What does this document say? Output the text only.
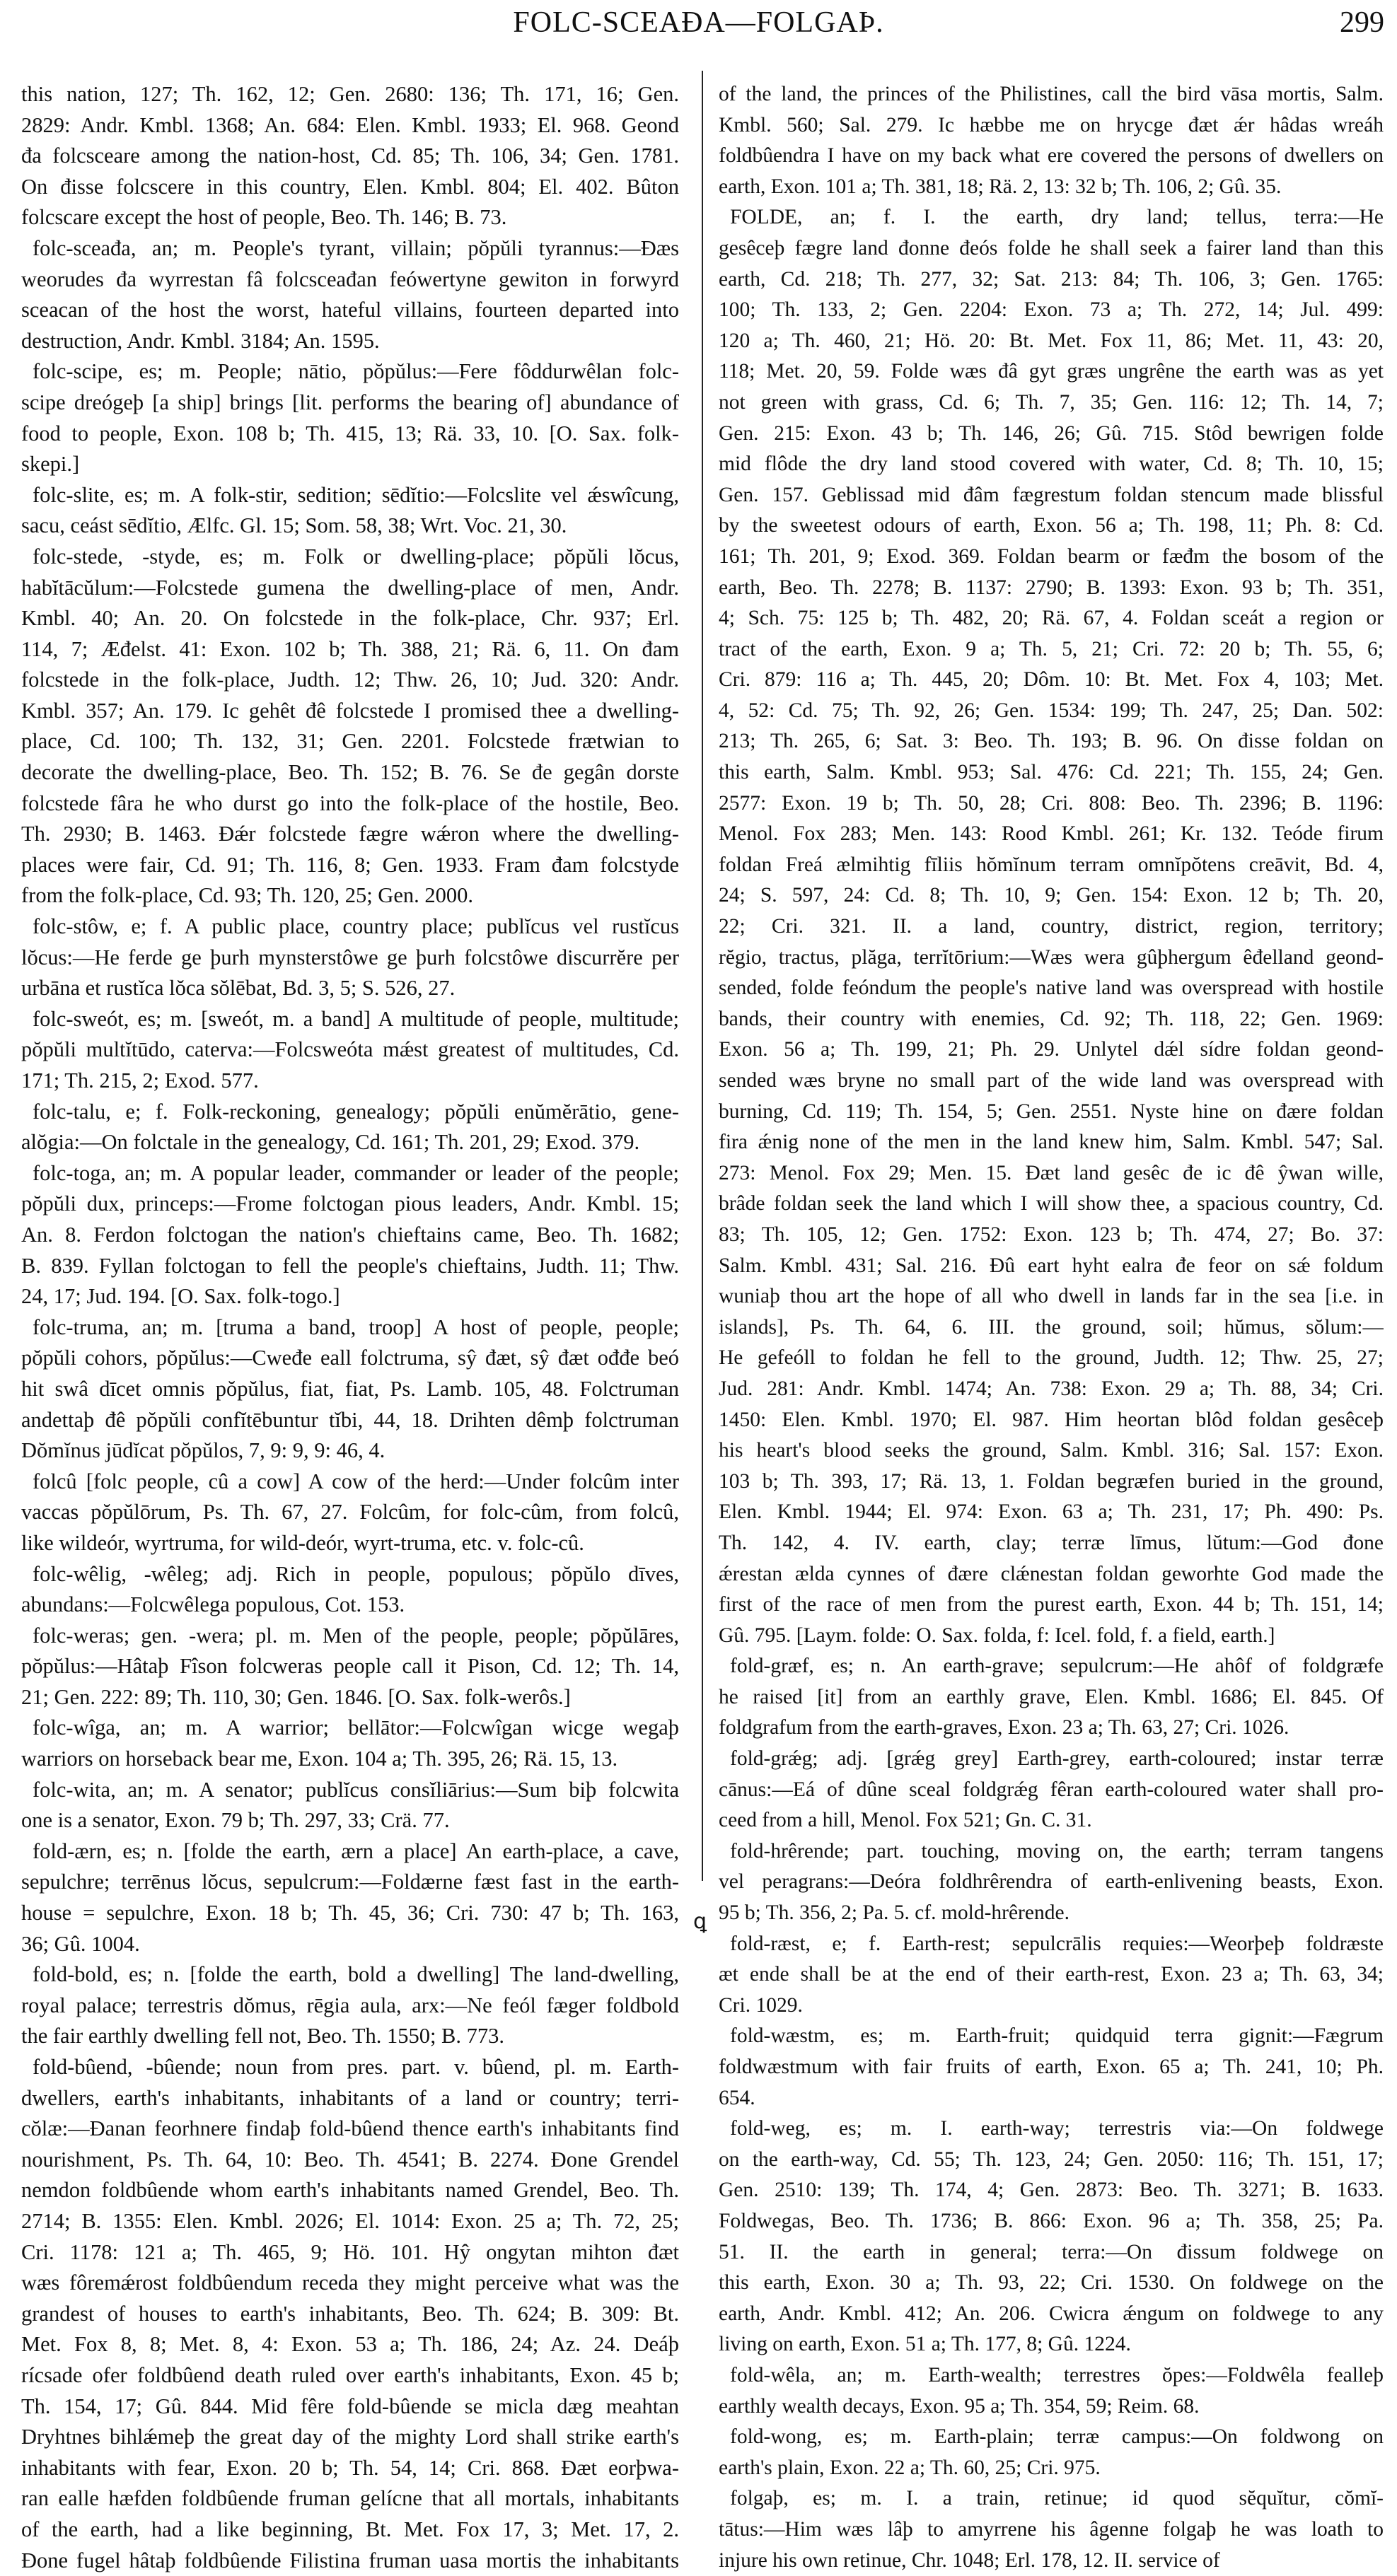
FOLC-SCEAĐA—FOLGAÞ.	299
this nation, 127; Th. 162, 12; Gen. 2680: 136; Th. 171, 16; Gen.
2829: Andr. Kmbl. 1368; An. 684: Elen. Kmbl. 1933; El. 968. Geond
đa folcsceare among the nation-host, Cd. 85; Th. 106, 34; Gen. 1781.
On đisse folcscere in this country, Elen. Kmbl. 804; El. 402. Bûton
folcscare except the host of people, Beo. Th. 146; B. 73.
folc-sceađa, an; m. People's tyrant, villain; pŏpŭli tyrannus:—Đæs
weorudes đa wyrrestan fâ folcsceađan feówertyne gewiton in forwyrd
sceacan of the host the worst, hateful villains, fourteen departed into
destruction, Andr. Kmbl. 3184; An. 1595.
folc-scipe, es; m. People; nātio, pŏpŭlus:—Fere fôddurwêlan folc-
scipe dreógeþ [a ship] brings [lit. performs the bearing of] abundance of
food to people, Exon. 108 b; Th. 415, 13; Rä. 33, 10. [O. Sax. folk-
skepi.]
folc-slite, es; m. A folk-stir, sedition; sēdĭtio:—Folcslite vel ǽswîcung,
sacu, ceást sēdĭtio, Ælfc. Gl. 15; Som. 58, 38; Wrt. Voc. 21, 30.
folc-stede, -styde, es; m. Folk or dwelling-place; pŏpŭli lŏcus,
habĭtācŭlum:—Folcstede gumena the dwelling-place of men, Andr.
Kmbl. 40; An. 20. On folcstede in the folk-place, Chr. 937; Erl.
114, 7; Æđelst. 41: Exon. 102 b; Th. 388, 21; Rä. 6, 11. On đam
folcstede in the folk-place, Judth. 12; Thw. 26, 10; Jud. 320: Andr.
Kmbl. 357; An. 179. Ic gehêt đê folcstede I promised thee a dwelling-
place, Cd. 100; Th. 132, 31; Gen. 2201. Folcstede frætwian to
decorate the dwelling-place, Beo. Th. 152; B. 76. Se đe gegân dorste
folcstede fâra he who durst go into the folk-place of the hostile, Beo.
Th. 2930; B. 1463. Đǽr folcstede fægre wǽron where the dwelling-
places were fair, Cd. 91; Th. 116, 8; Gen. 1933. Fram đam folcstyde
from the folk-place, Cd. 93; Th. 120, 25; Gen. 2000.
folc-stôw, e; f. A public place, country place; publĭcus vel rustĭcus
lŏcus:—He ferde ge þurh mynsterstôwe ge þurh folcstôwe discurrĕre per
urbāna et rustĭca lŏca sŏlēbat, Bd. 3, 5; S. 526, 27.
folc-sweót, es; m. [sweót, m. a band] A multitude of people, multitude;
pŏpŭli multĭtūdo, caterva:—Folcsweóta mǽst greatest of multitudes, Cd.
171; Th. 215, 2; Exod. 577.
folc-talu, e; f. Folk-reckoning, genealogy; pŏpŭli enŭmĕrātio, gene-
alŏgia:—On folctale in the genealogy, Cd. 161; Th. 201, 29; Exod. 379.
folc-toga, an; m. A popular leader, commander or leader of the people;
pŏpŭli dux, princeps:—Frome folctogan pious leaders, Andr. Kmbl. 15;
An. 8. Ferdon folctogan the nation's chieftains came, Beo. Th. 1682;
B. 839. Fyllan folctogan to fell the people's chieftains, Judth. 11; Thw.
24, 17; Jud. 194. [O. Sax. folk-togo.]
folc-truma, an; m. [truma a band, troop] A host of people, people;
pŏpŭli cohors, pŏpŭlus:—Cweđe eall folctruma, sŷ đæt, sŷ đæt ođđe beó
hit swâ dīcet omnis pŏpŭlus, fiat, fiat, Ps. Lamb. 105, 48. Folctruman
andettaþ đê pŏpŭli confĭtēbuntur tĭbi, 44, 18. Drihten dêmþ folctruman
Dŏmĭnus jūdĭcat pŏpŭlos, 7, 9: 9, 9: 46, 4.
folcû [folc people, cû a cow] A cow of the herd:—Under folcûm inter
vaccas pŏpŭlōrum, Ps. Th. 67, 27. Folcûm, for folc-cûm, from folcû,
like wildeór, wyrtruma, for wild-deór, wyrt-truma, etc. v. folc-cû.
folc-wêlig, -wêleg; adj. Rich in people, populous; pŏpŭlo dīves,
abundans:—Folcwêlega populous, Cot. 153.
folc-weras; gen. -wera; pl. m. Men of the people, people; pŏpŭlāres,
pŏpŭlus:—Hâtaþ Fîson folcweras people call it Pison, Cd. 12; Th. 14,
21; Gen. 222: 89; Th. 110, 30; Gen. 1846. [O. Sax. folk-werôs.]
folc-wîga, an; m. A warrior; bellātor:—Folcwîgan wicge wegaþ
warriors on horseback bear me, Exon. 104 a; Th. 395, 26; Rä. 15, 13.
folc-wita, an; m. A senator; publĭcus consĭliārius:—Sum biþ folcwita
one is a senator, Exon. 79 b; Th. 297, 33; Crä. 77.
fold-ærn, es; n. [folde the earth, ærn a place] An earth-place, a cave,
sepulchre; terrēnus lŏcus, sepulcrum:—Foldærne fæst fast in the earth-
house = sepulchre, Exon. 18 b; Th. 45, 36; Cri. 730: 47 b; Th. 163,
36; Gû. 1004.
fold-bold, es; n. [folde the earth, bold a dwelling] The land-dwelling,
royal palace; terrestris dŏmus, rēgia aula, arx:—Ne feól fæger foldbold
the fair earthly dwelling fell not, Beo. Th. 1550; B. 773.
fold-bûend, -bûende; noun from pres. part. v. bûend, pl. m. Earth-
dwellers, earth's inhabitants, inhabitants of a land or country; terri-
cŏlæ:—Đanan feorhnere findaþ fold-bûend thence earth's inhabitants find
nourishment, Ps. Th. 64, 10: Beo. Th. 4541; B. 2274. Đone Grendel
nemdon foldbûende whom earth's inhabitants named Grendel, Beo. Th.
2714; B. 1355: Elen. Kmbl. 2026; El. 1014: Exon. 25 a; Th. 72, 25;
Cri. 1178: 121 a; Th. 465, 9; Hö. 101. Hŷ ongytan mihton đæt
wæs fôremǽrost foldbûendum receda they might perceive what was the
grandest of houses to earth's inhabitants, Beo. Th. 624; B. 309: Bt.
Met. Fox 8, 8; Met. 8, 4: Exon. 53 a; Th. 186, 24; Az. 24. Deáþ
rícsade ofer foldbûend death ruled over earth's inhabitants, Exon. 45 b;
Th. 154, 17; Gû. 844. Mid fêre fold-bûende se micla dæg meahtan
Dryhtnes bihlǽmeþ the great day of the mighty Lord shall strike earth's
inhabitants with fear, Exon. 20 b; Th. 54, 14; Cri. 868. Đæt eorþwa-
ran ealle hæfden foldbûende fruman gelícne that all mortals, inhabitants
of the earth, had a like beginning, Bt. Met. Fox 17, 3; Met. 17, 2.
Đone fugel hâtaþ foldbûende Filistina fruman uasa mortis the inhabitants
of the land, the princes of the Philistines, call the bird vāsa mortis, Salm.
Kmbl. 560; Sal. 279. Ic hæbbe me on hrycge đæt ǽr hâdas wreáh
foldbûendra I have on my back what ere covered the persons of dwellers on
earth, Exon. 101 a; Th. 381, 18; Rä. 2, 13: 32 b; Th. 106, 2; Gû. 35.
FOLDE, an; f. I. the earth, dry land; tellus, terra:—He
gesêceþ fægre land đonne đeós folde he shall seek a fairer land than this
earth, Cd. 218; Th. 277, 32; Sat. 213: 84; Th. 106, 3; Gen. 1765:
100; Th. 133, 2; Gen. 2204: Exon. 73 a; Th. 272, 14; Jul. 499:
120 a; Th. 460, 21; Hö. 20: Bt. Met. Fox 11, 86; Met. 11, 43: 20,
118; Met. 20, 59. Folde wæs đâ gyt græs ungrêne the earth was as yet
not green with grass, Cd. 6; Th. 7, 35; Gen. 116: 12; Th. 14, 7;
Gen. 215: Exon. 43 b; Th. 146, 26; Gû. 715. Stôd bewrigen folde
mid flôde the dry land stood covered with water, Cd. 8; Th. 10, 15;
Gen. 157. Geblissad mid đâm fægrestum foldan stencum made blissful
by the sweetest odours of earth, Exon. 56 a; Th. 198, 11; Ph. 8: Cd.
161; Th. 201, 9; Exod. 369. Foldan bearm or fæđm the bosom of the
earth, Beo. Th. 2278; B. 1137: 2790; B. 1393: Exon. 93 b; Th. 351,
4; Sch. 75: 125 b; Th. 482, 20; Rä. 67, 4. Foldan sceát a region or
tract of the earth, Exon. 9 a; Th. 5, 21; Cri. 72: 20 b; Th. 55, 6;
Cri. 879: 116 a; Th. 445, 20; Dôm. 10: Bt. Met. Fox 4, 103; Met.
4, 52: Cd. 75; Th. 92, 26; Gen. 1534: 199; Th. 247, 25; Dan. 502:
213; Th. 265, 6; Sat. 3: Beo. Th. 193; B. 96. On đisse foldan on
this earth, Salm. Kmbl. 953; Sal. 476: Cd. 221; Th. 155, 24; Gen.
2577: Exon. 19 b; Th. 50, 28; Cri. 808: Beo. Th. 2396; B. 1196:
Menol. Fox 283; Men. 143: Rood Kmbl. 261; Kr. 132. Teóde firum
foldan Freá ælmihtig fīliis hŏmĭnum terram omnĭpŏtens creāvit, Bd. 4,
24; S. 597, 24: Cd. 8; Th. 10, 9; Gen. 154: Exon. 12 b; Th. 20,
22; Cri. 321. II. a land, country, district, region, territory;
rĕgio, tractus, plăga, terrĭtōrium:—Wæs wera gûþhergum êđelland geond-
sended, folde feóndum the people's native land was overspread with hostile
bands, their country with enemies, Cd. 92; Th. 118, 22; Gen. 1969:
Exon. 56 a; Th. 199, 21; Ph. 29. Unlytel dǽl sídre foldan geond-
sended wæs bryne no small part of the wide land was overspread with
burning, Cd. 119; Th. 154, 5; Gen. 2551. Nyste hine on đære foldan
fira ǽnig none of the men in the land knew him, Salm. Kmbl. 547; Sal.
273: Menol. Fox 29; Men. 15. Đæt land gesêc đe ic đê ŷwan wille,
brâde foldan seek the land which I will show thee, a spacious country, Cd.
83; Th. 105, 12; Gen. 1752: Exon. 123 b; Th. 474, 27; Bo. 37:
Salm. Kmbl. 431; Sal. 216. Đû eart hyht ealra đe feor on sǽ foldum
wuniaþ thou art the hope of all who dwell in lands far in the sea [i.e. in
islands], Ps. Th. 64, 6. III. the ground, soil; hŭmus, sŏlum:—
He gefeóll to foldan he fell to the ground, Judth. 12; Thw. 25, 27;
Jud. 281: Andr. Kmbl. 1474; An. 738: Exon. 29 a; Th. 88, 34; Cri.
1450: Elen. Kmbl. 1970; El. 987. Him heortan blôd foldan gesêceþ
his heart's blood seeks the ground, Salm. Kmbl. 316; Sal. 157: Exon.
103 b; Th. 393, 17; Rä. 13, 1. Foldan begræfen buried in the ground,
Elen. Kmbl. 1944; El. 974: Exon. 63 a; Th. 231, 17; Ph. 490: Ps.
Th. 142, 4. IV. earth, clay; terræ līmus, lŭtum:—God đone
ǽrestan ælda cynnes of đære clǽnestan foldan geworhte God made the
first of the race of men from the purest earth, Exon. 44 b; Th. 151, 14;
Gû. 795. [Laym. folde: O. Sax. folda, f: Icel. fold, f. a field, earth.]
fold-græf, es; n. An earth-grave; sepulcrum:—He ahôf of foldgræfe
he raised [it] from an earthly grave, Elen. Kmbl. 1686; El. 845. Of
foldgrafum from the earth-graves, Exon. 23 a; Th. 63, 27; Cri. 1026.
fold-grǽg; adj. [grǽg grey] Earth-grey, earth-coloured; instar terræ
cānus:—Eá of dûne sceal foldgrǽg fêran earth-coloured water shall pro-
ceed from a hill, Menol. Fox 521; Gn. C. 31.
fold-hrêrende; part. touching, moving on, the earth; terram tangens
vel peragrans:—Deóra foldhrêrendra of earth-enlivening beasts, Exon.
95 b; Th. 356, 2; Pa. 5. cf. mold-hrêrende.
fold-ræst, e; f. Earth-rest; sepulcrālis requies:—Weorþeþ foldræste
æt ende shall be at the end of their earth-rest, Exon. 23 a; Th. 63, 34;
Cri. 1029.
fold-wæstm, es; m. Earth-fruit; quidquid terra gignit:—Fægrum
foldwæstmum with fair fruits of earth, Exon. 65 a; Th. 241, 10; Ph.
654.
fold-weg, es; m. I. earth-way; terrestris via:—On foldwege
on the earth-way, Cd. 55; Th. 123, 24; Gen. 2050: 116; Th. 151, 17;
Gen. 2510: 139; Th. 174, 4; Gen. 2873: Beo. Th. 3271; B. 1633.
Foldwegas, Beo. Th. 1736; B. 866: Exon. 96 a; Th. 358, 25; Pa.
51. II. the earth in general; terra:—On đissum foldwege on
this earth, Exon. 30 a; Th. 93, 22; Cri. 1530. On foldwege on the
earth, Andr. Kmbl. 412; An. 206. Cwicra ǽngum on foldwege to any
living on earth, Exon. 51 a; Th. 177, 8; Gû. 1224.
fold-wêla, an; m. Earth-wealth; terrestres ŏpes:—Foldwêla fealleþ
earthly wealth decays, Exon. 95 a; Th. 354, 59; Reim. 68.
fold-wong, es; m. Earth-plain; terræ campus:—On foldwong on
earth's plain, Exon. 22 a; Th. 60, 25; Cri. 975.
folgaþ, es; m. I. a train, retinue; id quod sĕquĭtur, cŏmĭ-
tātus:—Him wæs lâþ to amyrrene his âgenne folgaþ he was loath to
injure his own retinue, Chr. 1048; Erl. 178, 12. II. service of
ꝗ
